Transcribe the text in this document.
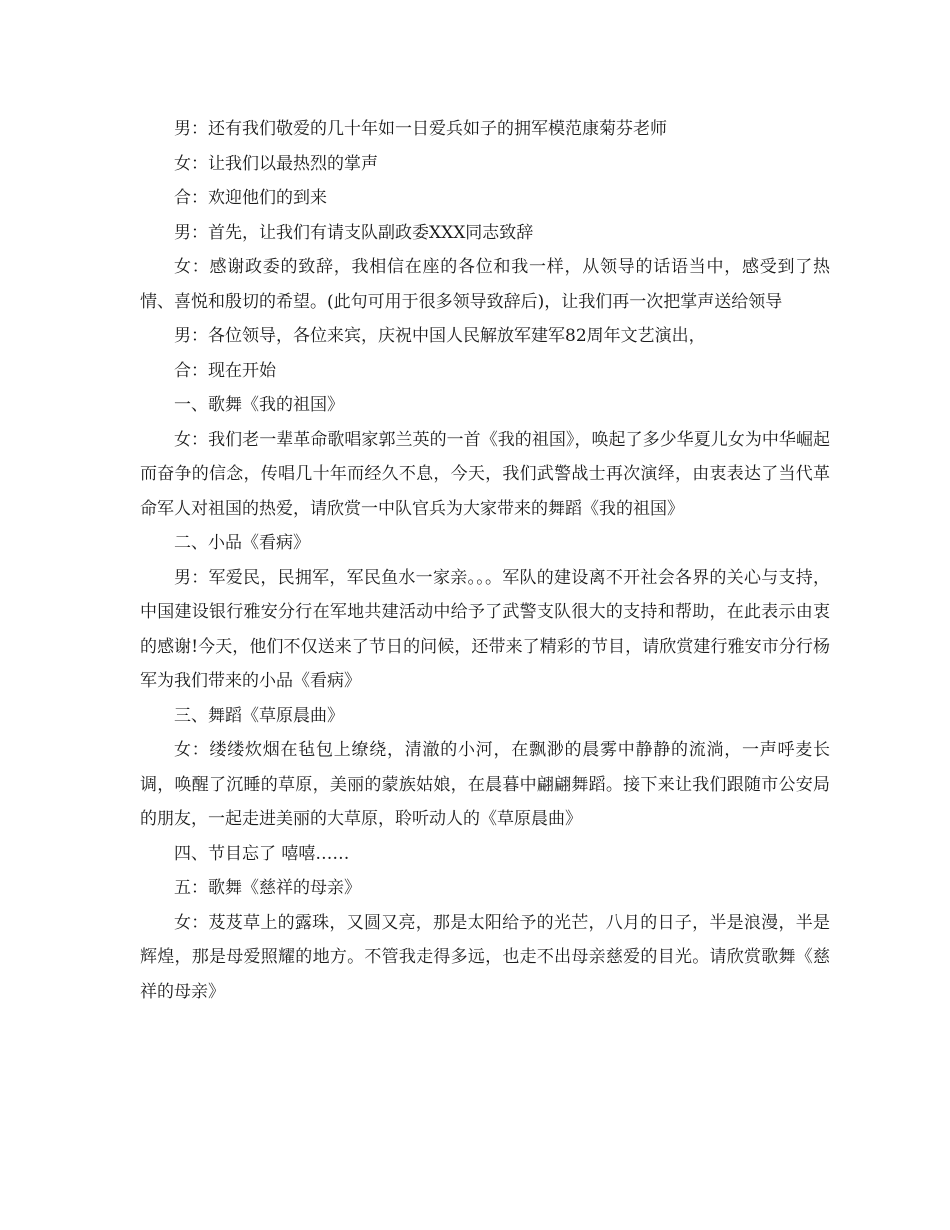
男：还有我们敬爱的几十年如一日爱兵如子的拥军模范康菊芬老师

女：让我们以最热烈的掌声

合：欢迎他们的到来

男：首先，让我们有请支队副政委XXX同志致辞

女：感谢政委的致辞，我相信在座的各位和我一样，从领导的话语当中，感受到了热情、喜悦和殷切的希望。(此句可用于很多领导致辞后)，让我们再一次把掌声送给领导

男：各位领导，各位来宾，庆祝中国人民解放军建军82周年文艺演出，

合：现在开始

一、歌舞《我的祖国》

女：我们老一辈革命歌唱家郭兰英的一首《我的祖国》，唤起了多少华夏儿女为中华崛起而奋争的信念，传唱几十年而经久不息，今天，我们武警战士再次演绎，由衷表达了当代革命军人对祖国的热爱，请欣赏一中队官兵为大家带来的舞蹈《我的祖国》

二、小品《看病》

男：军爱民，民拥军，军民鱼水一家亲。。。军队的建设离不开社会各界的关心与支持，中国建设银行雅安分行在军地共建活动中给予了武警支队很大的支持和帮助，在此表示由衷的感谢!今天，他们不仅送来了节日的问候，还带来了精彩的节目，请欣赏建行雅安市分行杨军为我们带来的小品《看病》

三、舞蹈《草原晨曲》

女：缕缕炊烟在毡包上缭绕，清澈的小河，在飘渺的晨雾中静静的流淌，一声呼麦长调，唤醒了沉睡的草原，美丽的蒙族姑娘，在晨暮中翩翩舞蹈。接下来让我们跟随市公安局的朋友，一起走进美丽的大草原，聆听动人的《草原晨曲》

四、节目忘了 嘻嘻……

五：歌舞《慈祥的母亲》

女：芨芨草上的露珠，又圆又亮，那是太阳给予的光芒，八月的日子，半是浪漫，半是辉煌，那是母爱照耀的地方。不管我走得多远，也走不出母亲慈爱的目光。请欣赏歌舞《慈祥的母亲》
